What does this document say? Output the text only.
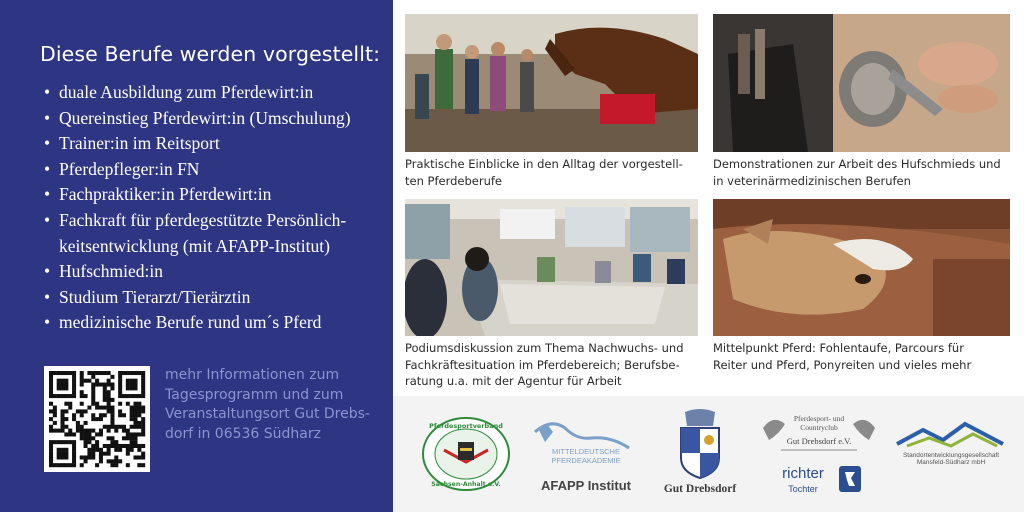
Diese Berufe werden vorgestellt:
• duale Ausbildung zum Pferdewirt:in
• Quereinstieg Pferdewirt:in (Umschulung)
• Trainer:in im Reitsport
• Pferdepfleger:in FN
• Fachpraktiker:in Pferdewirt:in
• Fachkraft für pferdegestützte Persönlich-
keitsentwicklung (mit AFAPP-Institut)
• Hufschmied:in
• Studium Tierarzt/Tierärztin
• medizinische Berufe rund um´s Pferd
mehr Informationen zum
Tagesprogramm und zum
Veranstaltungsort Gut Drebs-
dorf in 06536 Südharz
Praktische Einblicke in den Alltag der vorgestell-
ten Pferdeberufe
Demonstrationen zur Arbeit des Hufschmieds und
in veterinärmedizinischen Berufen
Podiumsdiskussion zum Thema Nachwuchs- und
Fachkräftesituation im Pferdebereich; Berufsbe-
ratung u.a. mit der Agentur für Arbeit
Mittelpunkt Pferd: Fohlentaufe, Parcours für
Reiter und Pferd, Ponyreiten und vieles mehr
Pferdesportverband
Sachsen-Anhalt e.V.
MITTELDEUTSCHE
PFERDEAKADEMIE
AFAPP Institut	Gut Drebsdorf
Pferdesport- und
Countryclub
Gut Drebsdorf e.V.
richter
Tochter
Standortentwicklungsgesellschaft
Mansfeld-Südharz mbH
